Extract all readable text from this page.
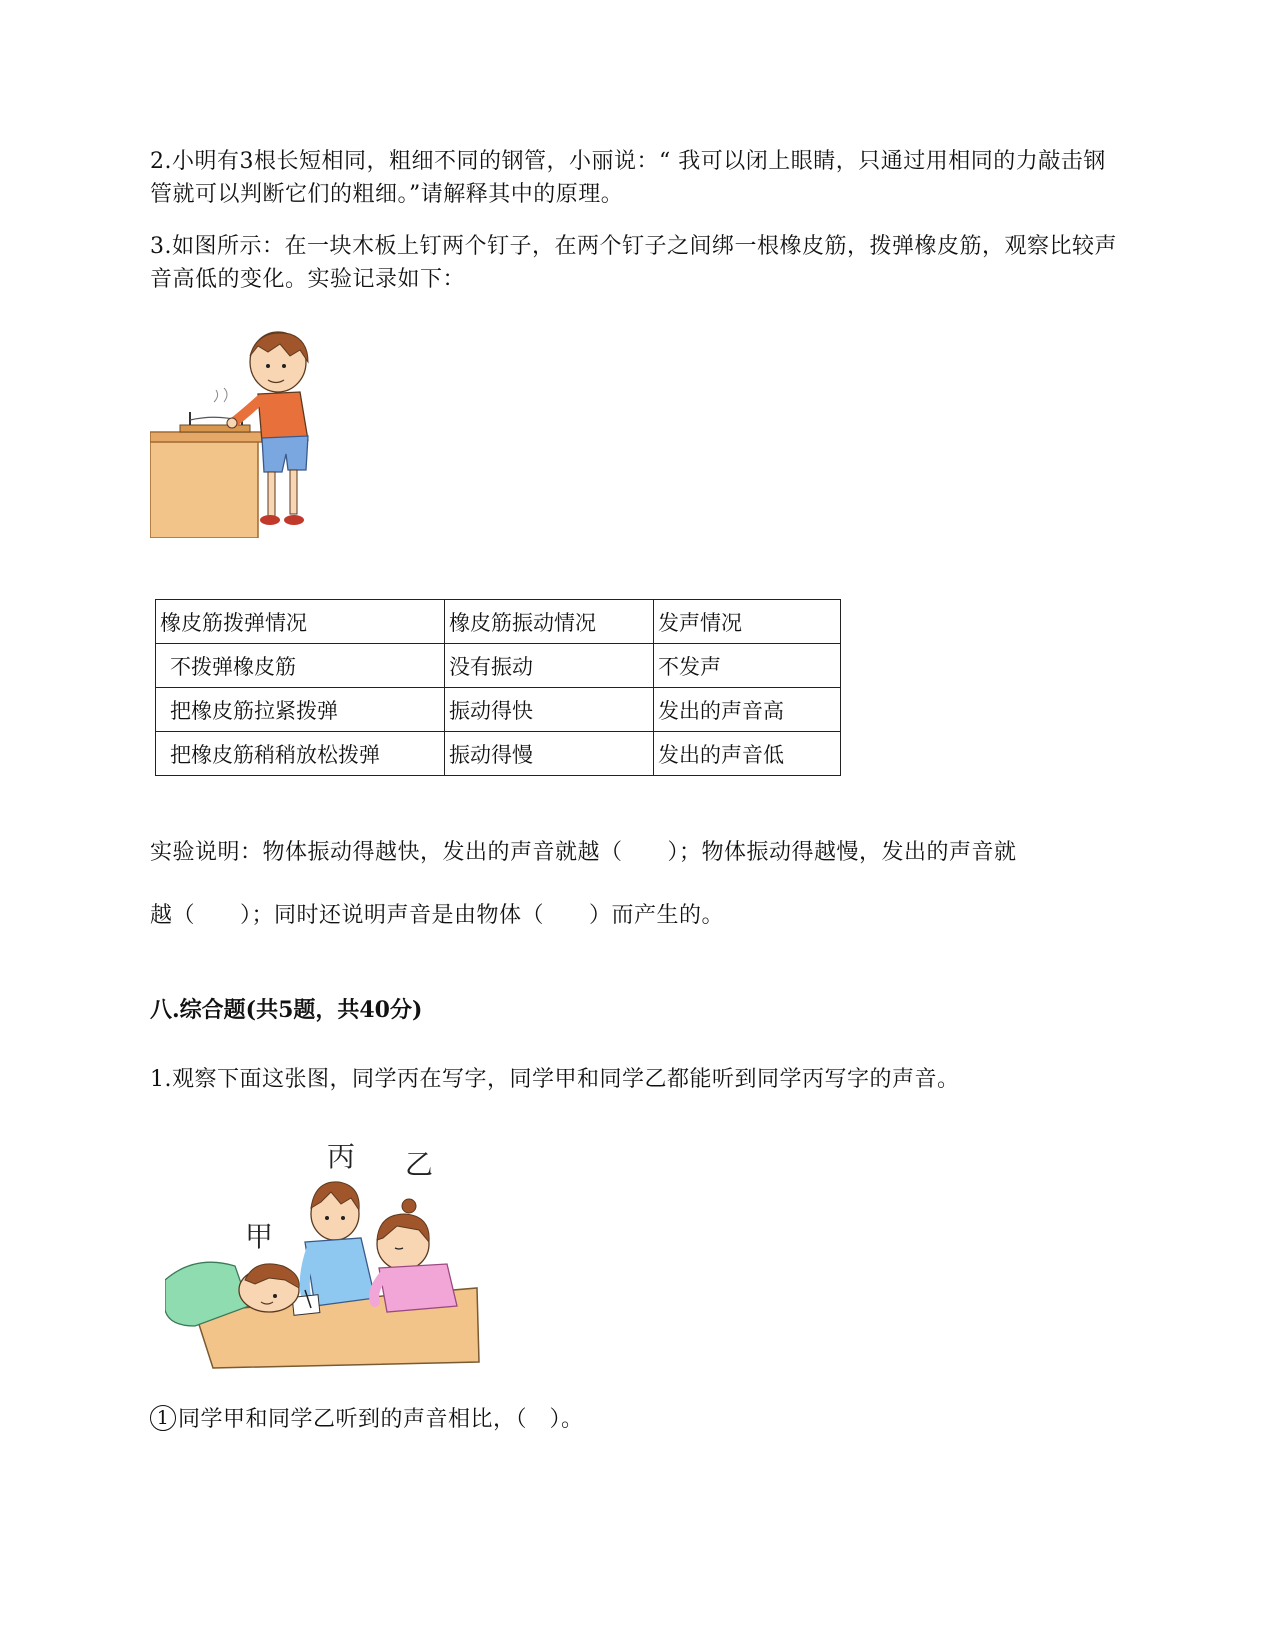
2.小明有3根长短相同，粗细不同的钢管，小丽说：“ 我可以闭上眼睛，只通过用相同的力敲击钢管就可以判断它们的粗细。”请解释其中的原理。

3.如图所示：在一块木板上钉两个钉子，在两个钉子之间绑一根橡皮筋，拨弹橡皮筋，观察比较声音高低的变化。实验记录如下：

橡皮筋拨弹情况	橡皮筋振动情况	发声情况
不拨弹橡皮筋	没有振动	不发声
把橡皮筋拉紧拨弹	振动得快	发出的声音高
把橡皮筋稍稍放松拨弹	振动得慢	发出的声音低

实验说明：物体振动得越快，发出的声音就越（　　）；物体振动得越慢，发出的声音就

越（　　）；同时还说明声音是由物体（　　）而产生的。

八.综合题(共5题，共40分)

1.观察下面这张图，同学丙在写字，同学甲和同学乙都能听到同学丙写字的声音。

丙 乙
甲

1 同学甲和同学乙听到的声音相比，（　）。
